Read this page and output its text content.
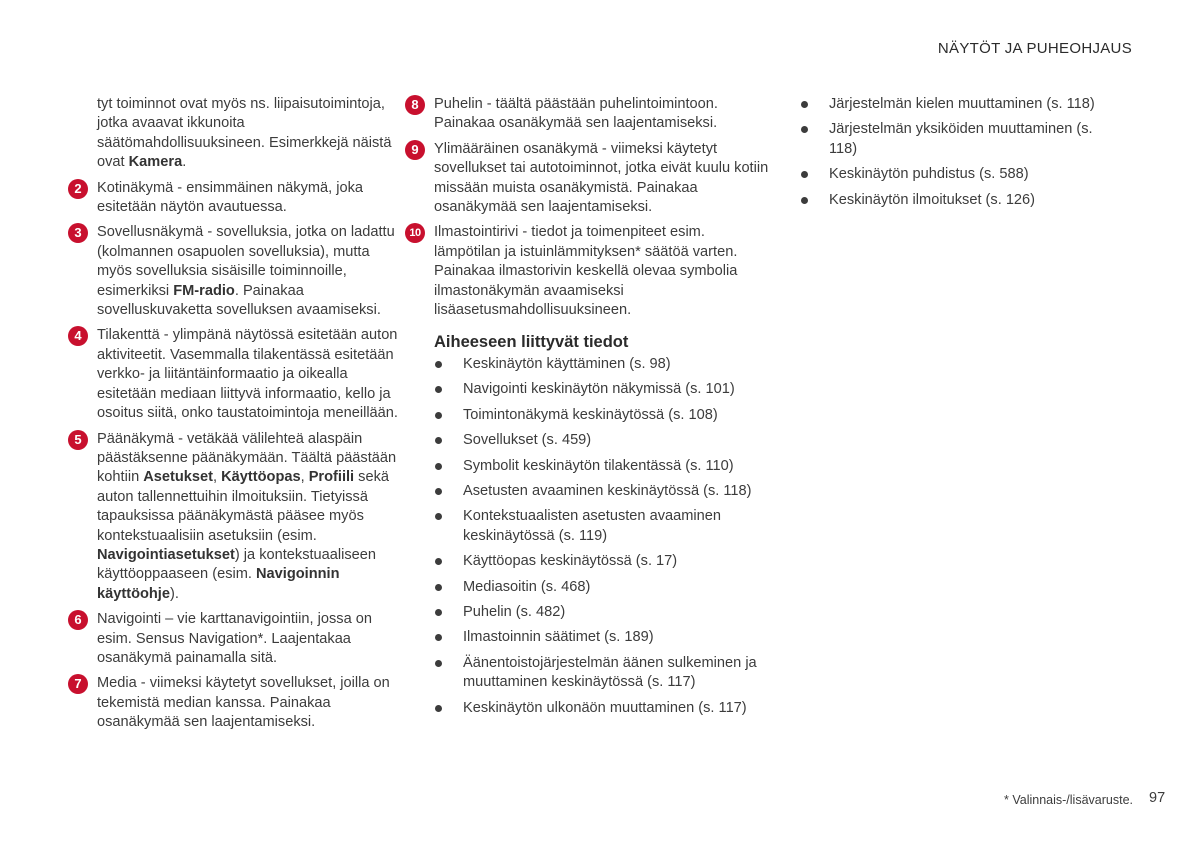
NÄYTÖT JA PUHEOHJAUS

tyt toiminnot ovat myös ns. liipaisutoimintoja, jotka avaavat ikkunoita säätömahdollisuuksineen. Esimerkkejä näistä ovat Kamera.

2	Kotinäkymä - ensimmäinen näkymä, joka esitetään näytön avautuessa.
3	Sovellusnäkymä - sovelluksia, jotka on ladattu (kolmannen osapuolen sovelluksia), mutta myös sovelluksia sisäisille toiminnoille, esimerkiksi FM-radio. Painakaa sovelluskuvaketta sovelluksen avaamiseksi.
4	Tilakenttä - ylimpänä näytössä esitetään auton aktiviteetit. Vasemmalla tilakentässä esitetään verkko- ja liitäntäinformaatio ja oikealla esitetään mediaan liittyvä informaatio, kello ja osoitus siitä, onko taustatoimintoja meneillään.
5	Päänäkymä - vetäkää välilehteä alaspäin päästäksenne päänäkymään. Täältä päästään kohtiin Asetukset, Käyttöopas, Profiili sekä auton tallennettuihin ilmoituksiin. Tietyissä tapauksissa päänäkymästä pääsee myös kontekstuaalisiin asetuksiin (esim. Navigointiasetukset) ja kontekstuaaliseen käyttöoppaaseen (esim. Navigoinnin käyttöohje).
6	Navigointi – vie karttanavigointiin, jossa on esim. Sensus Navigation*. Laajentakaa osanäkymä painamalla sitä.
7	Media - viimeksi käytetyt sovellukset, joilla on tekemistä median kanssa. Painakaa osanäkymää sen laajentamiseksi.
8	Puhelin - täältä päästään puhelintoimintoon. Painakaa osanäkymää sen laajentamiseksi.
9	Ylimääräinen osanäkymä - viimeksi käytetyt sovellukset tai autotoiminnot, jotka eivät kuulu kotiin missään muista osanäkymistä. Painakaa osanäkymää sen laajentamiseksi.
10 Ilmastointirivi - tiedot ja toimenpiteet esim. lämpötilan ja istuinlämmityksen* säätöä varten. Painakaa ilmastorivin keskellä olevaa symbolia ilmastonäkymän avaamiseksi lisäasetusmahdollisuuksineen.
Aiheeseen liittyvät tiedot
Keskinäytön käyttäminen (s. 98)
Navigointi keskinäytön näkymissä (s. 101)
Toimintonäkymä keskinäytössä (s. 108)
Sovellukset (s. 459)
Symbolit keskinäytön tilakentässä (s. 110)
Asetusten avaaminen keskinäytössä (s. 118)
Kontekstuaalisten asetusten avaaminen keskinäytössä (s. 119)
Käyttöopas keskinäytössä (s. 17)
Mediasoitin (s. 468)
Puhelin (s. 482)
Ilmastoinnin säätimet (s. 189)
Äänentoistojärjestelmän äänen sulkeminen ja muuttaminen keskinäytössä (s. 117)
Keskinäytön ulkonäön muuttaminen (s. 117)
Järjestelmän kielen muuttaminen (s. 118)
Järjestelmän yksiköiden muuttaminen (s. 118)
Keskinäytön puhdistus (s. 588)
Keskinäytön ilmoitukset (s. 126)
* Valinnais-/lisävaruste. 97
